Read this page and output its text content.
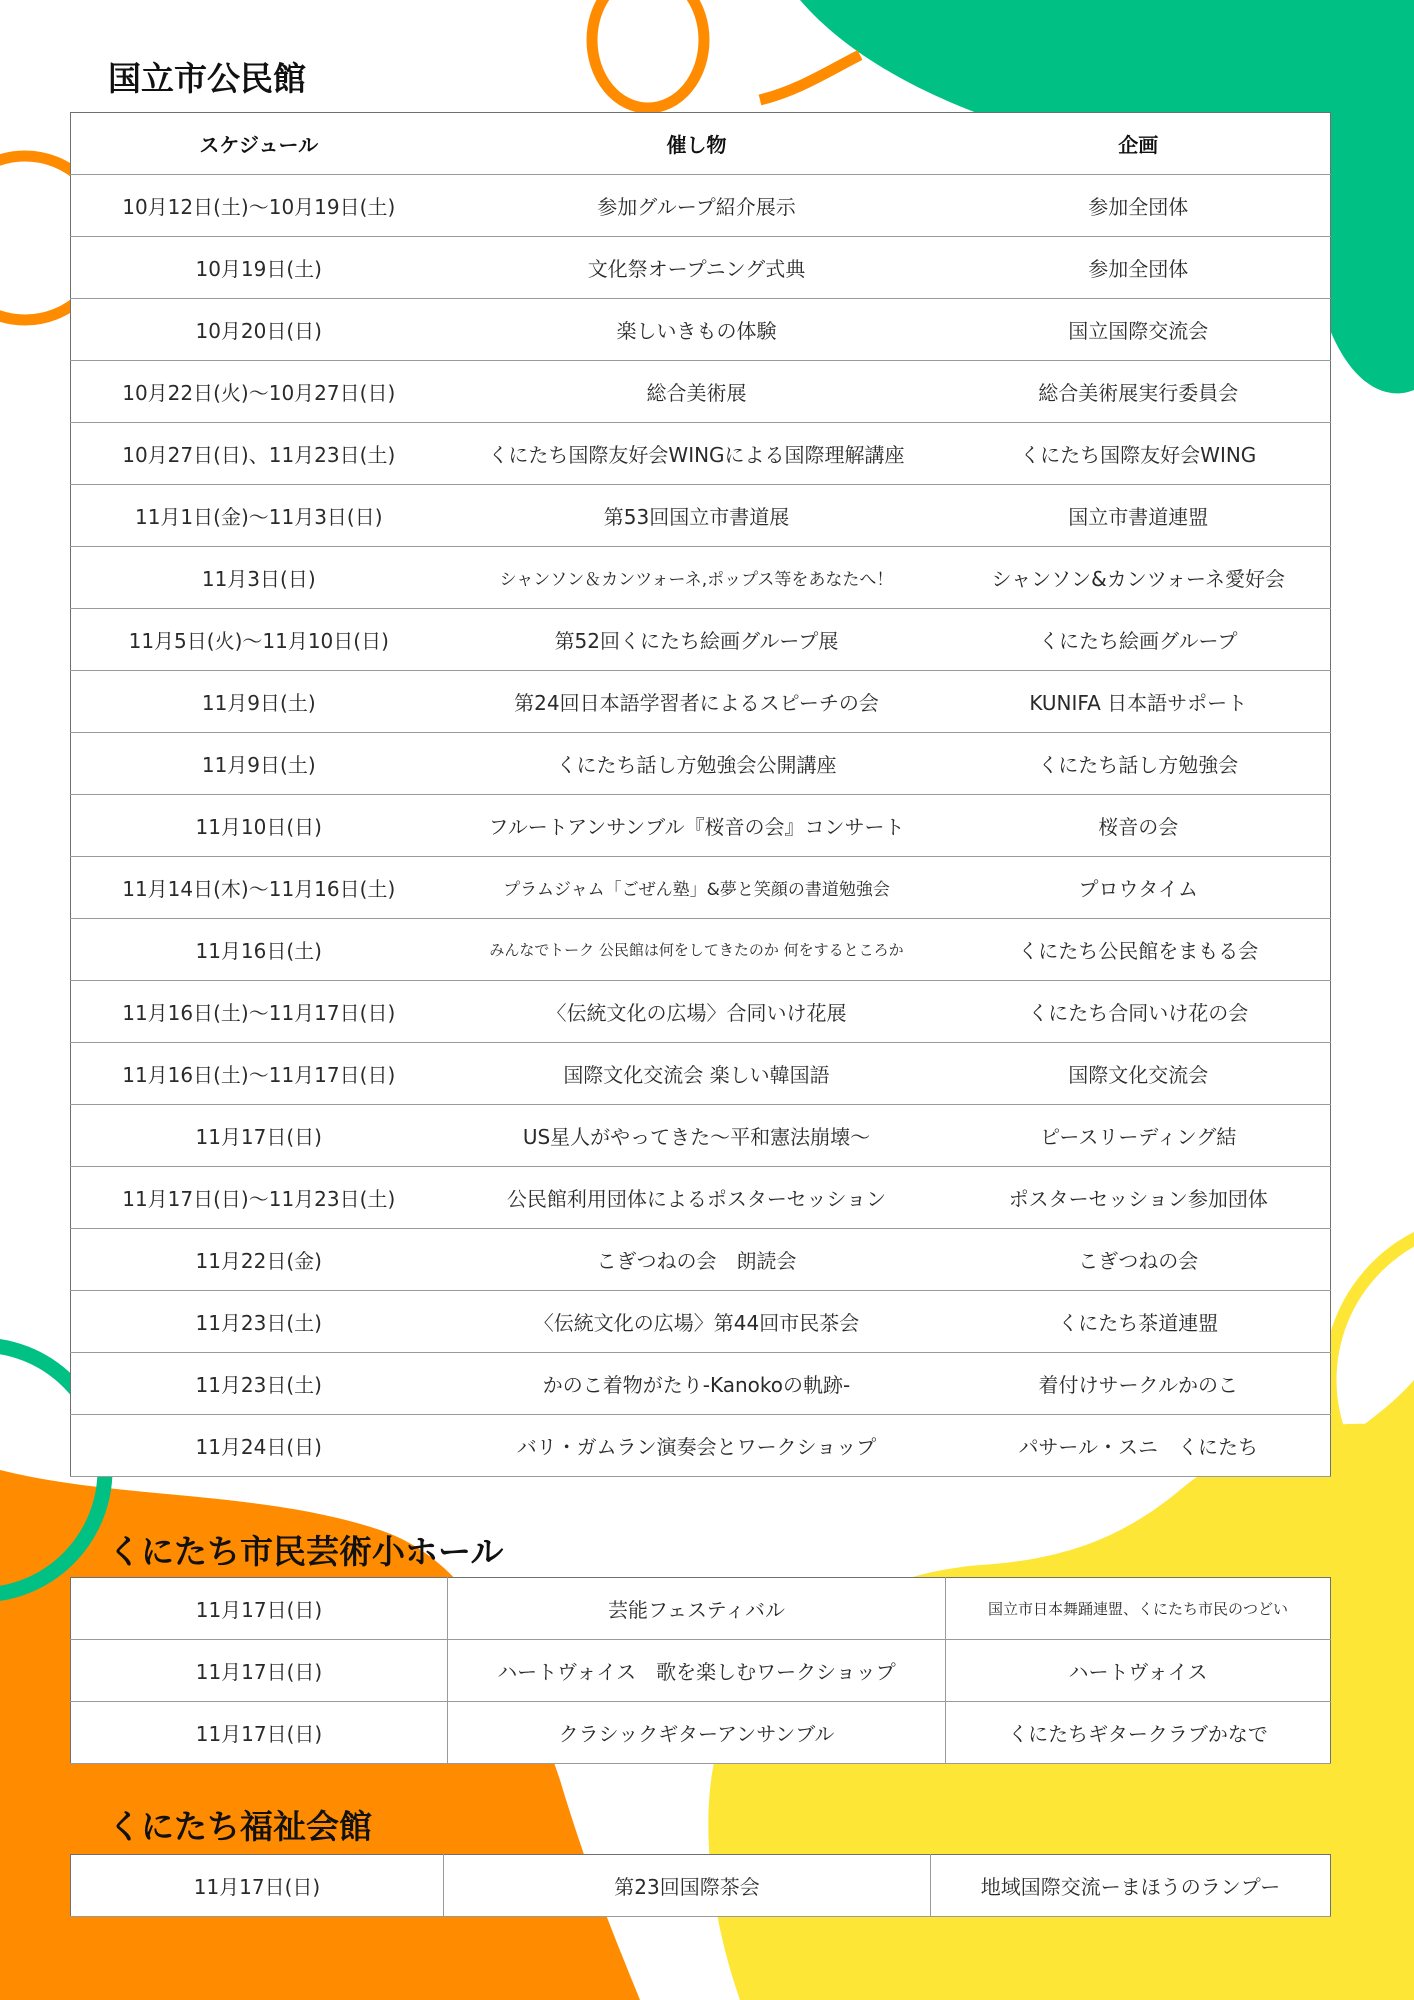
国立市公民館
スケジュール	催し物	企画
10月12日(土)〜10月19日(土)	参加グループ紹介展示	参加全団体
10月19日(土)	文化祭オープニング式典	参加全団体
10月20日(日)	楽しいきもの体験	国立国際交流会
10月22日(火)〜10月27日(日)	総合美術展	総合美術展実行委員会
10月27日(日)、11月23日(土)	くにたち国際友好会WINGによる国際理解講座	くにたち国際友好会WING
11月1日(金)〜11月3日(日)	第53回国立市書道展	国立市書道連盟
11月3日(日)	シャンソン＆カンツォーネ,ポップス等をあなたへ！	シャンソン&カンツォーネ愛好会
11月5日(火)〜11月10日(日)	第52回くにたち絵画グループ展	くにたち絵画グループ
11月9日(土)	第24回日本語学習者によるスピーチの会	KUNIFA 日本語サポート
11月9日(土)	くにたち話し方勉強会公開講座	くにたち話し方勉強会
11月10日(日)	フルートアンサンブル『桜音の会』コンサート	桜音の会
11月14日(木)〜11月16日(土)	プラムジャム「ごぜん塾」&夢と笑顔の書道勉強会	プロウタイム
11月16日(土)	みんなでトーク 公民館は何をしてきたのか 何をするところか	くにたち公民館をまもる会
11月16日(土)〜11月17日(日)	〈伝統文化の広場〉合同いけ花展	くにたち合同いけ花の会
11月16日(土)〜11月17日(日)	国際文化交流会 楽しい韓国語	国際文化交流会
11月17日(日)	US星人がやってきた〜平和憲法崩壊〜	ピースリーディング結
11月17日(日)〜11月23日(土)	公民館利用団体によるポスターセッション	ポスターセッション参加団体
11月22日(金)	こぎつねの会　朗読会	こぎつねの会
11月23日(土)	〈伝統文化の広場〉第44回市民茶会	くにたち茶道連盟
11月23日(土)	かのこ着物がたり-Kanokoの軌跡-	着付けサークルかのこ
11月24日(日)	バリ・ガムラン演奏会とワークショップ	パサール・スニ　くにたち
くにたち市民芸術小ホール
11月17日(日)	芸能フェスティバル	国立市日本舞踊連盟、くにたち市民のつどい
11月17日(日)	ハートヴォイス　歌を楽しむワークショップ	ハートヴォイス
11月17日(日)	クラシックギターアンサンブル	くにたちギタークラブかなで
くにたち福祉会館
11月17日(日)	第23回国際茶会	地域国際交流ーまほうのランプー
